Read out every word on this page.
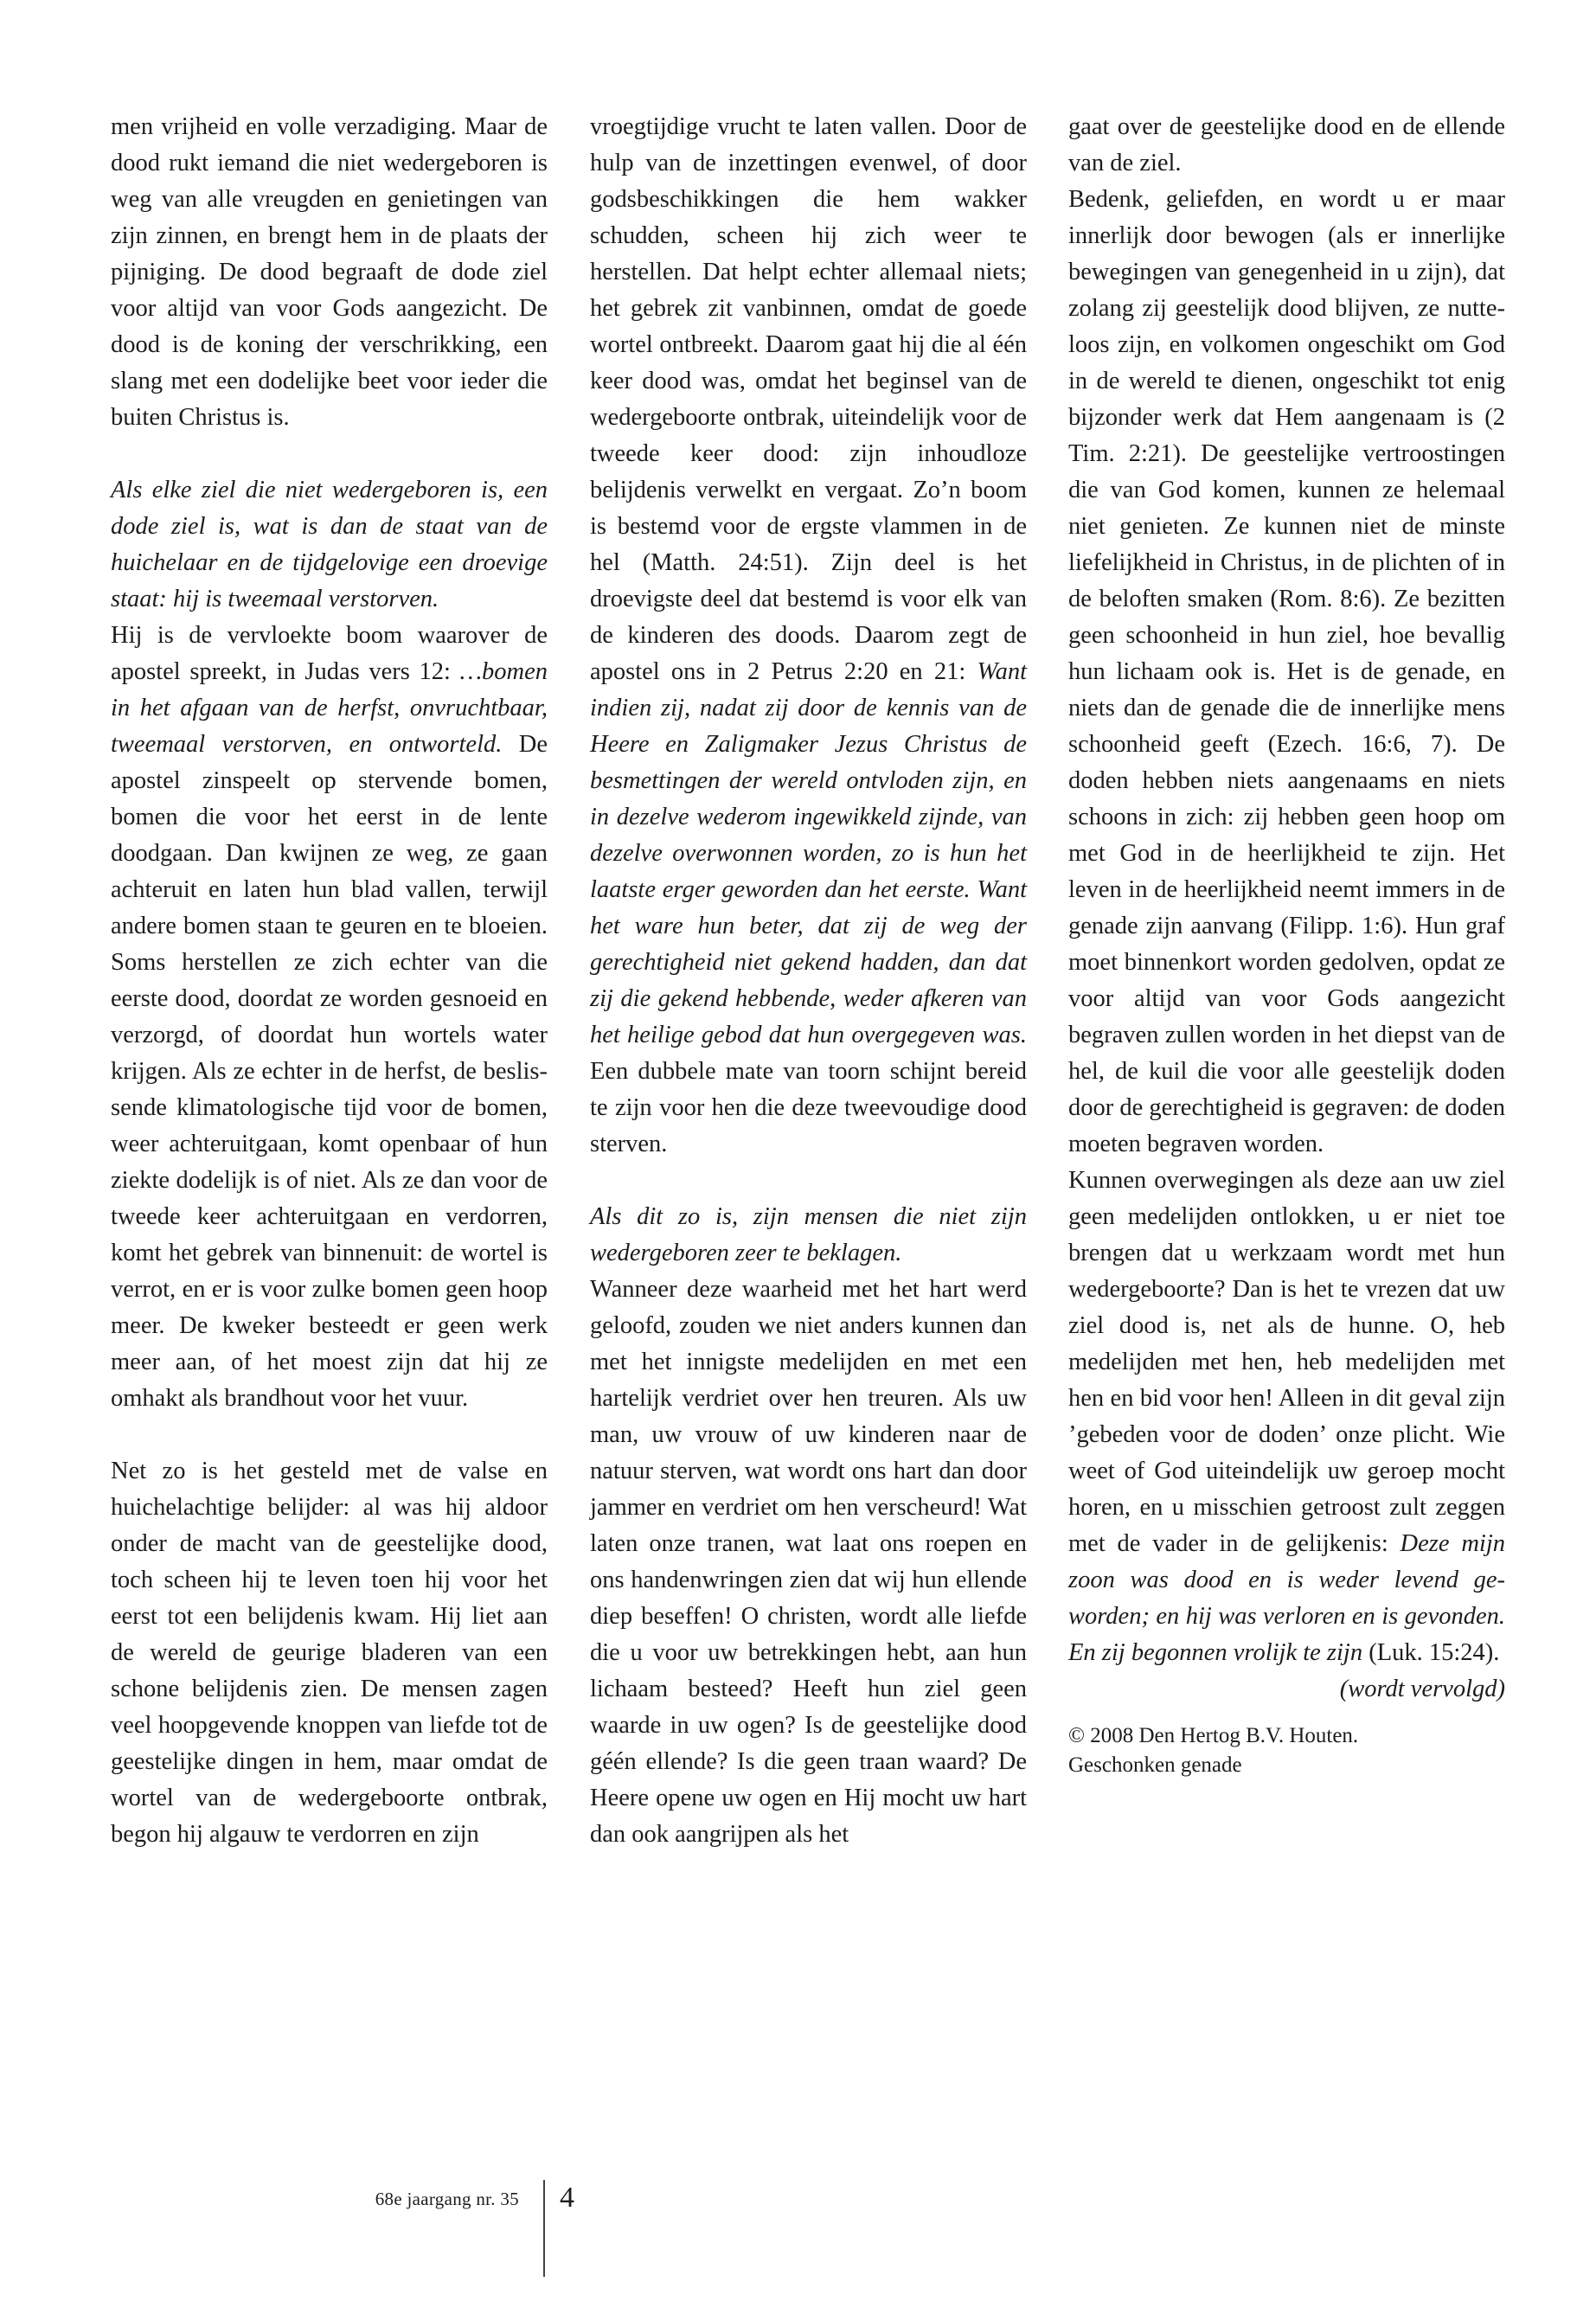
men vrijheid en volle verzadiging. Maar de dood rukt iemand die niet wedergeboren is weg van alle vreugden en genietingen van zijn zinnen, en brengt hem in de plaats der pijniging. De dood begraaft de dode ziel voor altijd van voor Gods aangezicht. De dood is de koning der verschrikking, een slang met een dodelijke beet voor ieder die buiten Christus is.

Als elke ziel die niet wedergeboren is, een dode ziel is, wat is dan de staat van de huichelaar en de tijdgelovige een droevige staat: hij is tweemaal verstorven.

Hij is de vervloekte boom waarover de apostel spreekt, in Judas vers 12: …bomen in het afgaan van de herfst, onvruchtbaar, tweemaal verstorven, en ontworteld. De apostel zinspeelt op stervende bomen, bomen die voor het eerst in de lente doodgaan. Dan kwijnen ze weg, ze gaan achteruit en laten hun blad vallen, terwijl andere bomen staan te geuren en te bloeien. Soms herstellen ze zich echter van die eerste dood, doordat ze worden gesnoeid en verzorgd, of doordat hun wortels water krijgen. Als ze echter in de herfst, de beslissende klimatologische tijd voor de bomen, weer achteruitgaan, komt openbaar of hun ziekte dodelijk is of niet. Als ze dan voor de tweede keer achteruitgaan en verdorren, komt het gebrek van binnenuit: de wortel is verrot, en er is voor zulke bomen geen hoop meer. De kweker besteedt er geen werk meer aan, of het moest zijn dat hij ze omhakt als brandhout voor het vuur.

Net zo is het gesteld met de valse en huichelachtige belijder: al was hij aldoor onder de macht van de geestelijke dood, toch scheen hij te leven toen hij voor het eerst tot een belijdenis kwam. Hij liet aan de wereld de geurige bladeren van een schone belijdenis zien. De mensen zagen veel hoopgevende knoppen van liefde tot de geestelijke dingen in hem, maar omdat de wortel van de wedergeboorte ontbrak, begon hij algauw te verdorren en zijn

vroegtijdige vrucht te laten vallen. Door de hulp van de inzettingen evenwel, of door godsbeschikkingen die hem wakker schudden, scheen hij zich weer te herstellen. Dat helpt echter allemaal niets; het gebrek zit vanbinnen, omdat de goede wortel ontbreekt. Daarom gaat hij die al één keer dood was, omdat het beginsel van de wedergeboorte ontbrak, uiteindelijk voor de tweede keer dood: zijn inhoudloze belijdenis verwelkt en vergaat. Zo’n boom is bestemd voor de ergste vlammen in de hel (Matth. 24:51). Zijn deel is het droevigste deel dat bestemd is voor elk van de kinderen des doods. Daarom zegt de apostel ons in 2 Petrus 2:20 en 21: Want indien zij, nadat zij door de kennis van de Heere en Zaligmaker Jezus Christus de besmettingen der wereld ontvloden zijn, en in dezelve wederom ingewikkeld zijnde, van dezelve overwonnen worden, zo is hun het laatste erger geworden dan het eerste. Want het ware hun beter, dat zij de weg der gerechtigheid niet gekend hadden, dan dat zij die gekend hebbende, weder afkeren van het heilige gebod dat hun overgegeven was. Een dubbele mate van toorn schijnt bereid te zijn voor hen die deze tweevoudige dood sterven.

Als dit zo is, zijn mensen die niet zijn wedergeboren zeer te beklagen.

Wanneer deze waarheid met het hart werd geloofd, zouden we niet anders kunnen dan met het innigste medelijden en met een hartelijk verdriet over hen treuren. Als uw man, uw vrouw of uw kinderen naar de natuur sterven, wat wordt ons hart dan door jammer en verdriet om hen verscheurd! Wat laten onze tranen, wat laat ons roepen en ons handenwringen zien dat wij hun ellende diep beseffen! O christen, wordt alle liefde die u voor uw betrekkingen hebt, aan hun lichaam besteed? Heeft hun ziel geen waarde in uw ogen? Is de geestelijke dood géén ellende? Is die geen traan waard? De Heere opene uw ogen en Hij mocht uw hart dan ook aangrijpen als het

gaat over de geestelijke dood en de ellende van de ziel.

Bedenk, geliefden, en wordt u er maar innerlijk door bewogen (als er innerlijke bewegingen van genegenheid in u zijn), dat zolang zij geestelijk dood blijven, ze nutteloos zijn, en volkomen ongeschikt om God in de wereld te dienen, ongeschikt tot enig bijzonder werk dat Hem aangenaam is (2 Tim. 2:21). De geestelijke vertroostingen die van God komen, kunnen ze helemaal niet genieten. Ze kunnen niet de minste liefelijkheid in Christus, in de plichten of in de beloften smaken (Rom. 8:6). Ze bezitten geen schoonheid in hun ziel, hoe bevallig hun lichaam ook is. Het is de genade, en niets dan de genade die de innerlijke mens schoonheid geeft (Ezech. 16:6, 7). De doden hebben niets aangenaams en niets schoons in zich: zij hebben geen hoop om met God in de heerlijkheid te zijn. Het leven in de heerlijkheid neemt immers in de genade zijn aanvang (Filipp. 1:6). Hun graf moet binnenkort worden gedolven, opdat ze voor altijd van voor Gods aangezicht begraven zullen worden in het diepst van de hel, de kuil die voor alle geestelijk doden door de gerechtigheid is gegraven: de doden moeten begraven worden.

Kunnen overwegingen als deze aan uw ziel geen medelijden ontlokken, u er niet toe brengen dat u werkzaam wordt met hun wedergeboorte? Dan is het te vrezen dat uw ziel dood is, net als de hunne. O, heb medelijden met hen, heb medelijden met hen en bid voor hen! Alleen in dit geval zijn ’gebeden voor de doden’ onze plicht. Wie weet of God uiteindelijk uw geroep mocht horen, en u misschien getroost zult zeggen met de vader in de gelijkenis: Deze mijn zoon was dood en is weder levend geworden; en hij was verloren en is gevonden. En zij begonnen vrolijk te zijn (Luk. 15:24).

(wordt vervolgd)

© 2008 Den Hertog B.V. Houten.
Geschonken genade

68e jaargang nr. 35 4
